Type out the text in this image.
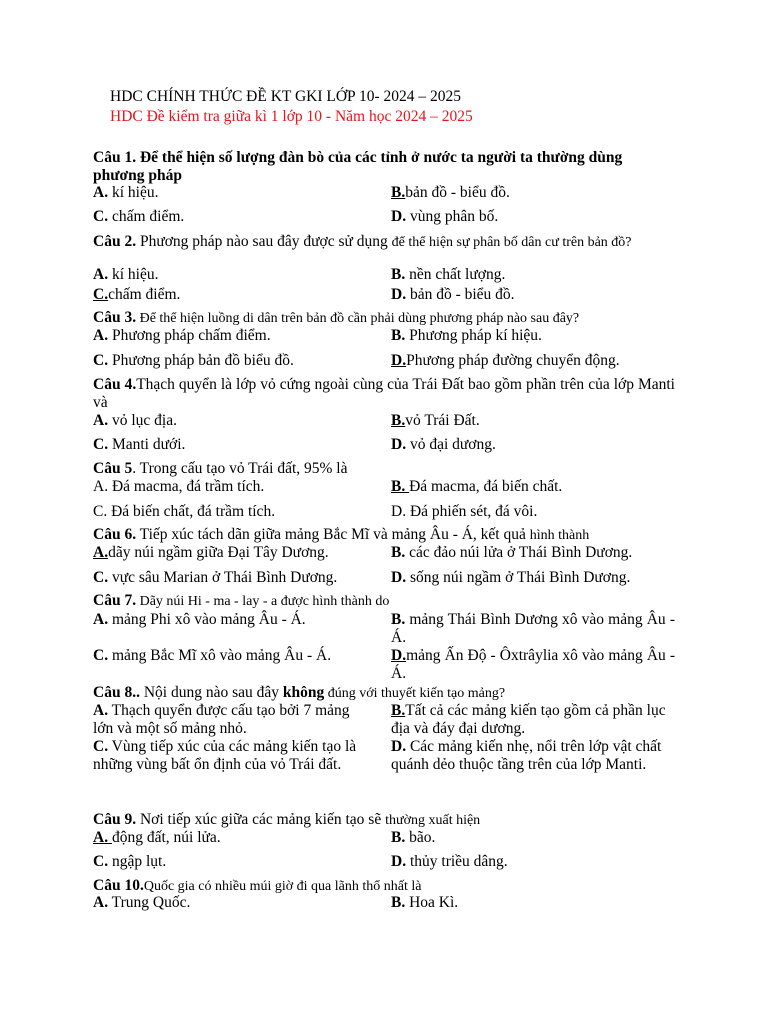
HDC CHÍNH THỨC ĐỀ KT GKI LỚP 10- 2024 – 2025
HDC Đề kiểm tra giữa kì 1 lớp 10 - Năm học 2024 – 2025
Câu 1. Để thể hiện số lượng đàn bò của các tỉnh ở nước ta người ta thường dùng phương pháp
A. kí hiệu.	B.bản đồ - biểu đồ.
C. chấm điểm.	D. vùng phân bố.
Câu 2. Phương pháp nào sau đây được sử dụng để thể hiện sự phân bố dân cư trên bản đồ?
A. kí hiệu.	B. nền chất lượng.
C.chấm điểm.	D. bản đồ - biểu đồ.
Câu 3. Để thể hiện luồng di dân trên bản đồ cần phải dùng phương pháp nào sau đây?
A. Phương pháp chấm điểm.	B. Phương pháp kí hiệu.
C. Phương pháp bản đồ biểu đồ.	D.Phương pháp đường chuyển động.
Câu 4.Thạch quyển là lớp vỏ cứng ngoài cùng của Trái Đất bao gồm phần trên của lớp Manti và
A. vỏ lục địa.	B.vỏ Trái Đất.
C. Manti dưới.	D. vỏ đại dương.
Câu 5. Trong cấu tạo vỏ Trái đất, 95% là
A. Đá macma, đá trầm tích.	B. Đá macma, đá biến chất.
C. Đá biến chất, đá trầm tích.	D. Đá phiến sét, đá vôi.
Câu 6. Tiếp xúc tách dãn giữa mảng Bắc Mĩ và mảng Âu - Á, kết quả hình thành
A.dãy núi ngầm giữa Đại Tây Dương.	B. các đảo núi lửa ở Thái Bình Dương.
C. vực sâu Marian ở Thái Bình Dương.	D. sống núi ngầm ở Thái Bình Dương.
Câu 7. Dãy núi Hi - ma - lay - a được hình thành do
A. mảng Phi xô vào mảng Âu - Á.	B. mảng Thái Bình Dương xô vào mảng Âu - Á.
C. mảng Bắc Mĩ xô vào mảng Âu - Á.	D.mảng Ấn Độ - Ôxtrâylia xô vào mảng Âu - Á.
Câu 8.. Nội dung nào sau đây không đúng với thuyết kiến tạo mảng?
A. Thạch quyển được cấu tạo bởi 7 mảng lớn và một số mảng nhỏ.
B.Tất cả các mảng kiến tạo gồm cả phần lục địa và đáy đại dương.
C. Vùng tiếp xúc của các mảng kiến tạo là những vùng bất ổn định của vỏ Trái đất.
D. Các mảng kiến nhẹ, nổi trên lớp vật chất quánh dẻo thuộc tầng trên của lớp Manti.
Câu 9. Nơi tiếp xúc giữa các mảng kiến tạo sẽ thường xuất hiện
A. động đất, núi lửa.	B. bão.
C. ngập lụt.	D. thủy triều dâng.
Câu 10.Quốc gia có nhiều múi giờ đi qua lãnh thổ nhất là
A. Trung Quốc.	B. Hoa Kì.
